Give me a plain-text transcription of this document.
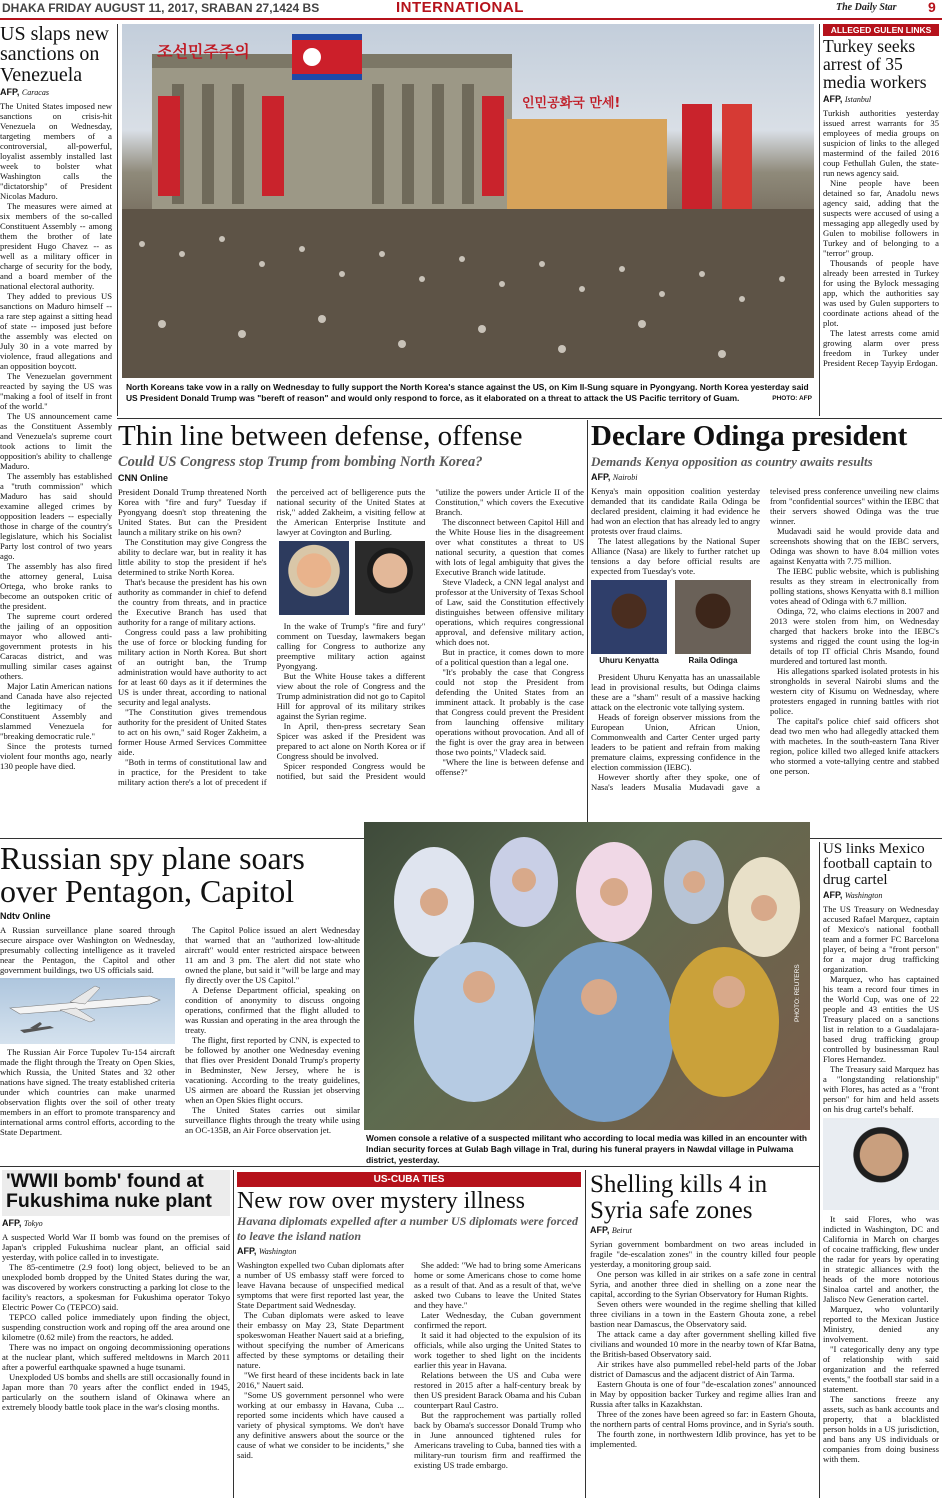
DHAKA FRIDAY AUGUST 11, 2017, SRABAN 27,1424 BS	INTERNATIONAL	The Daily Star 9
US slaps new sanctions on Venezuela
AFP, Caracas

The United States imposed new sanctions on crisis-hit Venezuela on Wednesday, targeting members of a controversial, all-powerful, loyalist assembly installed last week to bolster what Washington calls the "dictatorship" of President Nicolas Maduro.

The measures were aimed at six members of the so-called Constituent Assembly -- among them the brother of late president Hugo Chavez -- as well as a military officer in charge of security for the body, and a board member of the national electoral authority.

They added to previous US sanctions on Maduro himself -- a rare step against a sitting head of state -- imposed just before the assembly was elected on July 30 in a vote marred by violence, fraud allegations and an opposition boycott.

The Venezuelan government reacted by saying the US was "making a fool of itself in front of the world."

The US announcement came as the Constituent Assembly and Venezuela's supreme court took actions to limit the opposition's ability to challenge Maduro.

The assembly has established a "truth commission" which Maduro has said should examine alleged crimes by opposition leaders -- especially those in charge of the country's legislature, which his Socialist Party lost control of two years ago.

The assembly has also fired the attorney general, Luisa Ortega, who broke ranks to become an outspoken critic of the president.

The supreme court ordered the jailing of an opposition mayor who allowed anti-government protests in his Caracas district, and was mulling similar cases against others.

Major Latin American nations and Canada have also rejected the legitimacy of the Constituent Assembly and slammed Venezuela for "breaking democratic rule."

Since the protests turned violent four months ago, nearly 130 people have died.

조선민주주의
인민공화국 만세!
North Koreans take vow in a rally on Wednesday to fully support the North Korea's stance against the US, on Kim Il-Sung square in Pyongyang. North Korea yesterday said US President Donald Trump was "bereft of reason" and would only respond to force, as it elaborated on a threat to attack the US Pacific territory of Guam.	PHOTO: AFP
ALLEGED GULEN LINKS
Turkey seeks arrest of 35 media workers
AFP, Istanbul

Turkish authorities yesterday issued arrest warrants for 35 employees of media groups on suspicion of links to the alleged mastermind of the failed 2016 coup Fethullah Gulen, the state-run news agency said.

Nine people have been detained so far, Anadolu news agency said, adding that the suspects were accused of using a messaging app allegedly used by Gulen to mobilise followers in Turkey and of belonging to a "terror" group.

Thousands of people have already been arrested in Turkey for using the Bylock messaging app, which the authorities say was used by Gulen supporters to coordinate actions ahead of the plot.

The latest arrests come amid growing alarm over press freedom in Turkey under President Recep Tayyip Erdogan.

Thin line between defense, offense
Could US Congress stop Trump from bombing North Korea?
CNN Online

President Donald Trump threatened North Korea with "fire and fury" Tuesday if Pyongyang doesn't stop threatening the United States. But can the President launch a military strike on his own?

The Constitution may give Congress the ability to declare war, but in reality it has little ability to stop the president if he's determined to strike North Korea.

That's because the president has his own authority as commander in chief to defend the country from threats, and in practice the Executive Branch has used that authority for a range of military actions.

Congress could pass a law prohibiting the use of force or blocking funding for military action in North Korea. But short of an outright ban, the Trump administration would have authority to act for at least 60 days as it if determines the US is under threat, according to national security and legal analysts.

"The Constitution gives tremendous authority for the president of United States to act on his own," said Roger Zakheim, a former House Armed Services Committee aide.

"Both in terms of constitutional law and in practice, for the President to take military action there's a lot of precedent if the perceived act of belligerence puts the national security of the United States at risk," added Zakheim, a visiting fellow at the American Enterprise Institute and lawyer at Covington and Burling.

In the wake of Trump's "fire and fury" comment on Tuesday, lawmakers began calling for Congress to authorize any preemptive military action against Pyongyang.

But the White House takes a different view about the role of Congress and the Trump administration did not go to Capitol Hill for approval of its military strikes against the Syrian regime.

In April, then-press secretary Sean Spicer was asked if the President was prepared to act alone on North Korea or if Congress should be involved.

Spicer responded Congress would be notified, but said the President would "utilize the powers under Article II of the Constitution," which covers the Executive Branch.

The disconnect between Capitol Hill and the White House lies in the disagreement over what constitutes a threat to US national security, a question that comes with lots of legal ambiguity that gives the Executive Branch wide latitude.

Steve Vladeck, a CNN legal analyst and professor at the University of Texas School of Law, said the Constitution effectively distinguishes between offensive military operations, which requires congressional approval, and defensive military action, which does not.

But in practice, it comes down to more of a political question than a legal one.

"It's probably the case that Congress could not stop the President from defending the United States from an imminent attack. It probably is the case that Congress could prevent the President from launching offensive military operations without provocation. And all of the fight is over the gray area in between those two points," Vladeck said.

"Where the line is between defense and offense?"

Declare Odinga president
Demands Kenya opposition as country awaits results
AFP, Nairobi

Kenya's main opposition coalition yesterday demanded that its candidate Raila Odinga be declared president, claiming it had evidence he had won an election that has already led to angry protests over fraud claims.

The latest allegations by the National Super Alliance (Nasa) are likely to further ratchet up tensions a day before official results are expected from Tuesday's vote.

Uhuru Kenyatta	Raila Odinga

President Uhuru Kenyatta has an unassailable lead in provisional results, but Odinga claims these are a "sham" result of a massive hacking attack on the electronic vote tallying system.

Heads of foreign observer missions from the European Union, African Union, Commonwealth and Carter Center urged party leaders to be patient and refrain from making premature claims, expressing confidence in the election commission (IEBC).

However shortly after they spoke, one of Nasa's leaders Musalia Mudavadi gave a televised press conference unveiling new claims from "confidential sources" within the IEBC that their servers showed Odinga was the true winner.

Mudavadi said he would provide data and screenshots showing that on the IEBC servers, Odinga was shown to have 8.04 million votes against Kenyatta with 7.75 million.

The IEBC public website, which is publishing results as they stream in electronically from polling stations, shows Kenyatta with 8.1 million votes ahead of Odinga with 6.7 million.

Odinga, 72, who claims elections in 2007 and 2013 were stolen from him, on Wednesday charged that hackers broke into the IEBC's systems and rigged the count using the log-in details of top IT official Chris Msando, found murdered and tortured last month.

His allegations sparked isolated protests in his strongholds in several Nairobi slums and the western city of Kisumu on Wednesday, where protesters engaged in running battles with riot police.

The capital's police chief said officers shot dead two men who had allegedly attacked them with machetes. In the south-eastern Tana River region, police killed two alleged knife attackers who stormed a vote-tallying centre and stabbed one person.

Russian spy plane soars over Pentagon, Capitol
Ndtv Online

A Russian surveillance plane soared through secure airspace over Washington on Wednesday, presumably collecting intelligence as it traveled near the Pentagon, the Capitol and other government buildings, two US officials said.

The Russian Air Force Tupolev Tu-154 aircraft made the flight through the Treaty on Open Skies, which Russia, the United States and 32 other nations have signed. The treaty established criteria under which countries can make unarmed observation flights over the soil of other treaty members in an effort to promote transparency and international arms control efforts, according to the State Department.

The Capitol Police issued an alert Wednesday that warned that an "authorized low-altitude aircraft" would enter restricted airspace between 11 am and 3 pm. The alert did not state who owned the plane, but said it "will be large and may fly directly over the US Capitol."

A Defense Department official, speaking on condition of anonymity to discuss ongoing operations, confirmed that the flight alluded to was Russian and operating in the area through the treaty.

The flight, first reported by CNN, is expected to be followed by another one Wednesday evening that flies over President Donald Trump's property in Bedminster, New Jersey, where he is vacationing. According to the treaty guidelines, US airmen are aboard the Russian jet observing when an Open Skies flight occurs.

The United States carries out similar surveillance flights through the treaty while using an OC-135B, an Air Force observation jet.

PHOTO: REUTERS
Women console a relative of a suspected militant who according to local media was killed in an encounter with Indian security forces at Gulab Bagh village in Tral, during his funeral prayers in Nawdal village in Pulwama district, yesterday.
US links Mexico football captain to drug cartel
AFP, Washington

The US Treasury on Wednesday accused Rafael Marquez, captain of Mexico's national football team and a former FC Barcelona player, of being a "front person" for a major drug trafficking organization.

Marquez, who has captained his team a record four times in the World Cup, was one of 22 people and 43 entities the US Treasury placed on a sanctions list in relation to a Guadalajara-based drug trafficking group controlled by businessman Raul Flores Hernandez.

The Treasury said Marquez has a "longstanding relationship" with Flores, has acted as a "front person" for him and held assets on his drug cartel's behalf.

It said Flores, who was indicted in Washington, DC and California in March on charges of cocaine trafficking, flew under the radar for years by operating in strategic alliances with the heads of the more notorious Sinaloa cartel and another, the Jalisco New Generation cartel.

Marquez, who voluntarily reported to the Mexican Justice Ministry, denied any involvement.

"I categorically deny any type of relationship with said organization and the referred events," the football star said in a statement.

The sanctions freeze any assets, such as bank accounts and property, that a blacklisted person holds in a US jurisdiction, and bans any US individuals or companies from doing business with them.

'WWII bomb' found at Fukushima nuke plant
AFP, Tokyo

A suspected World War II bomb was found on the premises of Japan's crippled Fukushima nuclear plant, an official said yesterday, with police called in to investigate.

The 85-centimetre (2.9 foot) long object, believed to be an unexploded bomb dropped by the United States during the war, was discovered by workers constructing a parking lot close to the facility's reactors, a spokesman for Fukushima operator Tokyo Electric Power Co (TEPCO) said.

TEPCO called police immediately upon finding the object, suspending construction work and roping off the area around one kilometre (0.62 mile) from the reactors, he added.

There was no impact on ongoing decommissioning operations at the nuclear plant, which suffered meltdowns in March 2011 after a powerful earthquake spawned a huge tsunami.

Unexploded US bombs and shells are still occasionally found in Japan more than 70 years after the conflict ended in 1945, particularly on the southern island of Okinawa where an extremely bloody battle took place in the war's closing months.

US-CUBA TIES
New row over mystery illness
Havana diplomats expelled after a number US diplomats were forced to leave the island nation
AFP, Washington

Washington expelled two Cuban diplomats after a number of US embassy staff were forced to leave Havana because of unspecified medical symptoms that were first reported last year, the State Department said Wednesday.

The Cuban diplomats were asked to leave their embassy on May 23, State Department spokeswoman Heather Nauert said at a briefing, without specifying the number of Americans affected by these symptoms or detailing their nature.

"We first heard of these incidents back in late 2016," Nauert said.

"Some US government personnel who were working at our embassy in Havana, Cuba ... reported some incidents which have caused a variety of physical symptoms. We don't have any definitive answers about the source or the cause of what we consider to be incidents," she said.

She added: "We had to bring some Americans home or some Americans chose to come home as a result of that. And as a result of that, we've asked two Cubans to leave the United States and they have."

Later Wednesday, the Cuban government confirmed the report.

It said it had objected to the expulsion of its officials, while also urging the United States to work together to shed light on the incidents earlier this year in Havana.

Relations between the US and Cuba were restored in 2015 after a half-century break by then US president Barack Obama and his Cuban counterpart Raul Castro.

But the rapprochement was partially rolled back by Obama's successor Donald Trump who in June announced tightened rules for Americans traveling to Cuba, banned ties with a military-run tourism firm and reaffirmed the existing US trade embargo.

Shelling kills 4 in Syria safe zones
AFP, Beirut

Syrian government bombardment on two areas included in fragile "de-escalation zones" in the country killed four people yesterday, a monitoring group said.

One person was killed in air strikes on a safe zone in central Syria, and another three died in shelling on a zone near the capital, according to the Syrian Observatory for Human Rights.

Seven others were wounded in the regime shelling that killed three civilians in a town in the Eastern Ghouta zone, a rebel bastion near Damascus, the Observatory said.

The attack came a day after government shelling killed five civilians and wounded 10 more in the nearby town of Kfar Batna, the British-based Observatory said.

Air strikes have also pummelled rebel-held parts of the Jobar district of Damascus and the adjacent district of Ain Tarma.

Eastern Ghouta is one of four "de-escalation zones" announced in May by opposition backer Turkey and regime allies Iran and Russia after talks in Kazakhstan.

Three of the zones have been agreed so far: in Eastern Ghouta, the northern parts of central Homs province, and in Syria's south.

The fourth zone, in northwestern Idlib province, has yet to be implemented.
